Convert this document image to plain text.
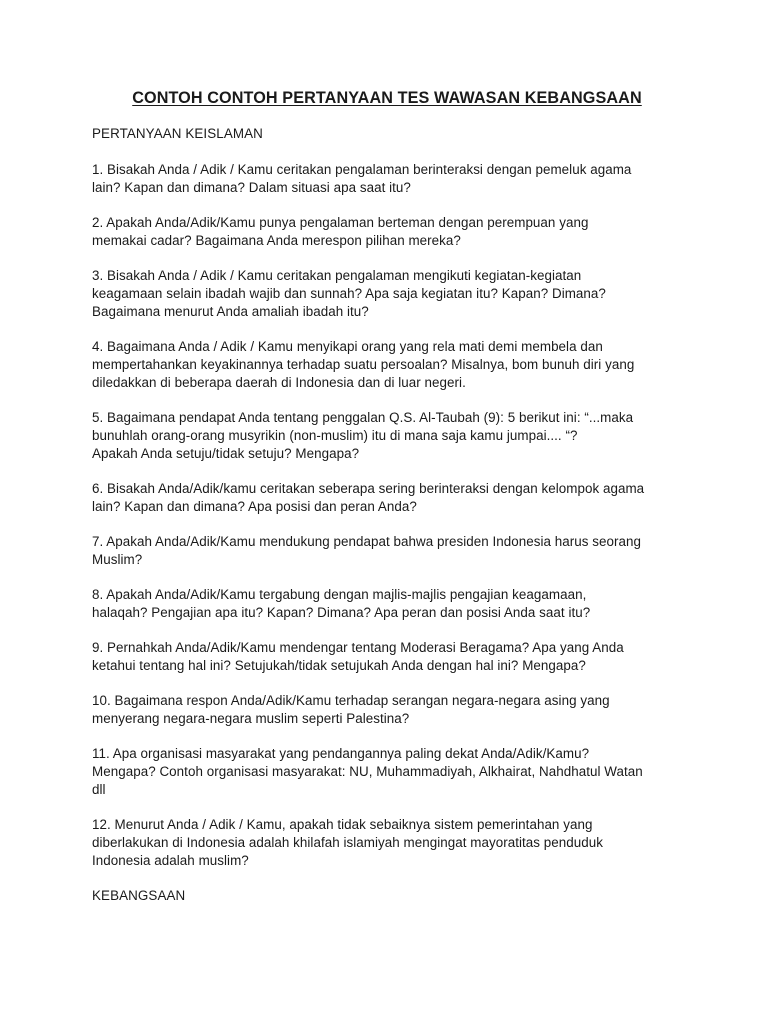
CONTOH CONTOH PERTANYAAN TES WAWASAN KEBANGSAAN
PERTANYAAN KEISLAMAN
1. Bisakah Anda / Adik / Kamu ceritakan pengalaman berinteraksi dengan pemeluk agama
lain? Kapan dan dimana? Dalam situasi apa saat itu?
2. Apakah Anda/Adik/Kamu punya pengalaman berteman dengan perempuan yang
memakai cadar? Bagaimana Anda merespon pilihan mereka?
3. Bisakah Anda / Adik / Kamu ceritakan pengalaman mengikuti kegiatan-kegiatan
keagamaan selain ibadah wajib dan sunnah? Apa saja kegiatan itu? Kapan? Dimana?
Bagaimana menurut Anda amaliah ibadah itu?
4. Bagaimana Anda / Adik / Kamu menyikapi orang yang rela mati demi membela dan
mempertahankan keyakinannya terhadap suatu persoalan? Misalnya, bom bunuh diri yang
diledakkan di beberapa daerah di Indonesia dan di luar negeri.
5. Bagaimana pendapat Anda tentang penggalan Q.S. Al-Taubah (9): 5 berikut ini: “...maka
bunuhlah orang-orang musyrikin (non-muslim) itu di mana saja kamu jumpai.... “?
Apakah Anda setuju/tidak setuju? Mengapa?
6. Bisakah Anda/Adik/kamu ceritakan seberapa sering berinteraksi dengan kelompok agama
lain? Kapan dan dimana? Apa posisi dan peran Anda?
7. Apakah Anda/Adik/Kamu mendukung pendapat bahwa presiden Indonesia harus seorang
Muslim?
8. Apakah Anda/Adik/Kamu tergabung dengan majlis-majlis pengajian keagamaan,
halaqah? Pengajian apa itu? Kapan? Dimana? Apa peran dan posisi Anda saat itu?
9. Pernahkah Anda/Adik/Kamu mendengar tentang Moderasi Beragama? Apa yang Anda
ketahui tentang hal ini? Setujukah/tidak setujukah Anda dengan hal ini? Mengapa?
10. Bagaimana respon Anda/Adik/Kamu terhadap serangan negara-negara asing yang
menyerang negara-negara muslim seperti Palestina?
11. Apa organisasi masyarakat yang pendangannya paling dekat Anda/Adik/Kamu?
Mengapa? Contoh organisasi masyarakat: NU, Muhammadiyah, Alkhairat, Nahdhatul Watan
dll
12. Menurut Anda / Adik / Kamu, apakah tidak sebaiknya sistem pemerintahan yang
diberlakukan di Indonesia adalah khilafah islamiyah mengingat mayoratitas penduduk
Indonesia adalah muslim?
KEBANGSAAN
